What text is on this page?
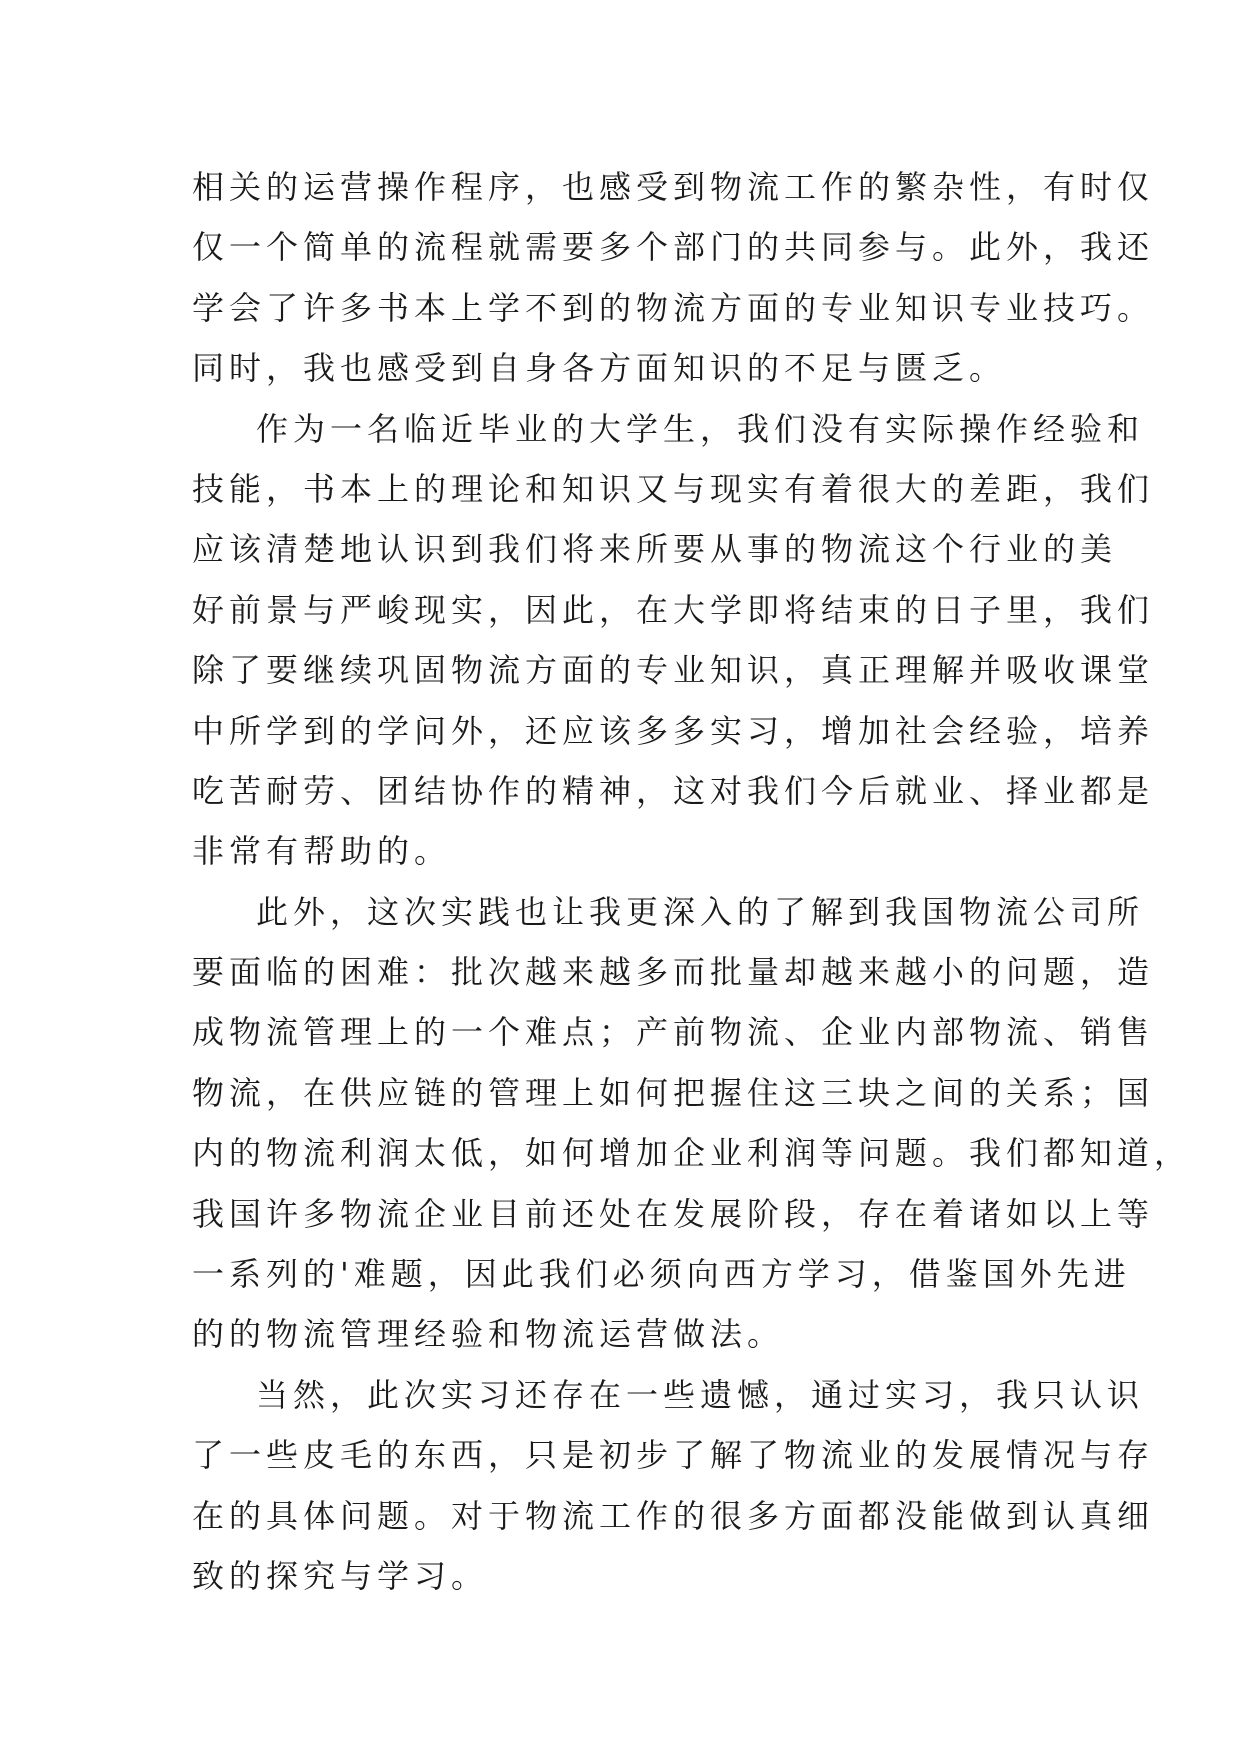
相关的运营操作程序，也感受到物流工作的繁杂性，有时仅
仅一个简单的流程就需要多个部门的共同参与。此外，我还
学会了许多书本上学不到的物流方面的专业知识专业技巧。
同时，我也感受到自身各方面知识的不足与匮乏。
作为一名临近毕业的大学生，我们没有实际操作经验和
技能，书本上的理论和知识又与现实有着很大的差距，我们
应该清楚地认识到我们将来所要从事的物流这个行业的美
好前景与严峻现实，因此，在大学即将结束的日子里，我们
除了要继续巩固物流方面的专业知识，真正理解并吸收课堂
中所学到的学问外，还应该多多实习，增加社会经验，培养
吃苦耐劳、团结协作的精神，这对我们今后就业、择业都是
非常有帮助的。
此外，这次实践也让我更深入的了解到我国物流公司所
要面临的困难：批次越来越多而批量却越来越小的问题，造
成物流管理上的一个难点；产前物流、企业内部物流、销售
物流，在供应链的管理上如何把握住这三块之间的关系；国
内的物流利润太低，如何增加企业利润等问题。我们都知道，
我国许多物流企业目前还处在发展阶段，存在着诸如以上等
一系列的'难题，因此我们必须向西方学习，借鉴国外先进
的的物流管理经验和物流运营做法。
当然，此次实习还存在一些遗憾，通过实习，我只认识
了一些皮毛的东西，只是初步了解了物流业的发展情况与存
在的具体问题。对于物流工作的很多方面都没能做到认真细
致的探究与学习。
